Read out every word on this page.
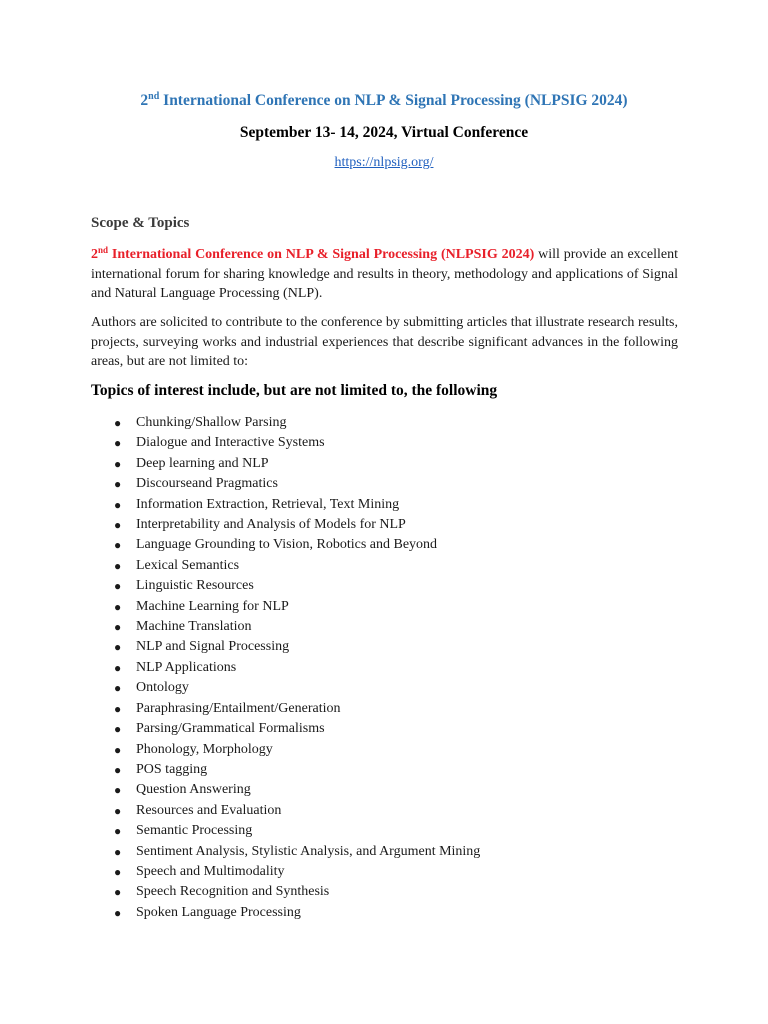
2nd International Conference on NLP & Signal Processing (NLPSIG 2024)
September 13- 14, 2024, Virtual Conference
https://nlpsig.org/
Scope & Topics
2nd International Conference on NLP & Signal Processing (NLPSIG 2024) will provide an excellent international forum for sharing knowledge and results in theory, methodology and applications of Signal and Natural Language Processing (NLP).
Authors are solicited to contribute to the conference by submitting articles that illustrate research results, projects, surveying works and industrial experiences that describe significant advances in the following areas, but are not limited to:
Topics of interest include, but are not limited to, the following
● Chunking/Shallow Parsing
● Dialogue and Interactive Systems
● Deep learning and NLP
● Discourseand Pragmatics
● Information Extraction, Retrieval, Text Mining
● Interpretability and Analysis of Models for NLP
● Language Grounding to Vision, Robotics and Beyond
● Lexical Semantics
● Linguistic Resources
● Machine Learning for NLP
● Machine Translation
● NLP and Signal Processing
● NLP Applications
● Ontology
● Paraphrasing/Entailment/Generation
● Parsing/Grammatical Formalisms
● Phonology, Morphology
● POS tagging
● Question Answering
● Resources and Evaluation
● Semantic Processing
● Sentiment Analysis, Stylistic Analysis, and Argument Mining
● Speech and Multimodality
● Speech Recognition and Synthesis
● Spoken Language Processing
